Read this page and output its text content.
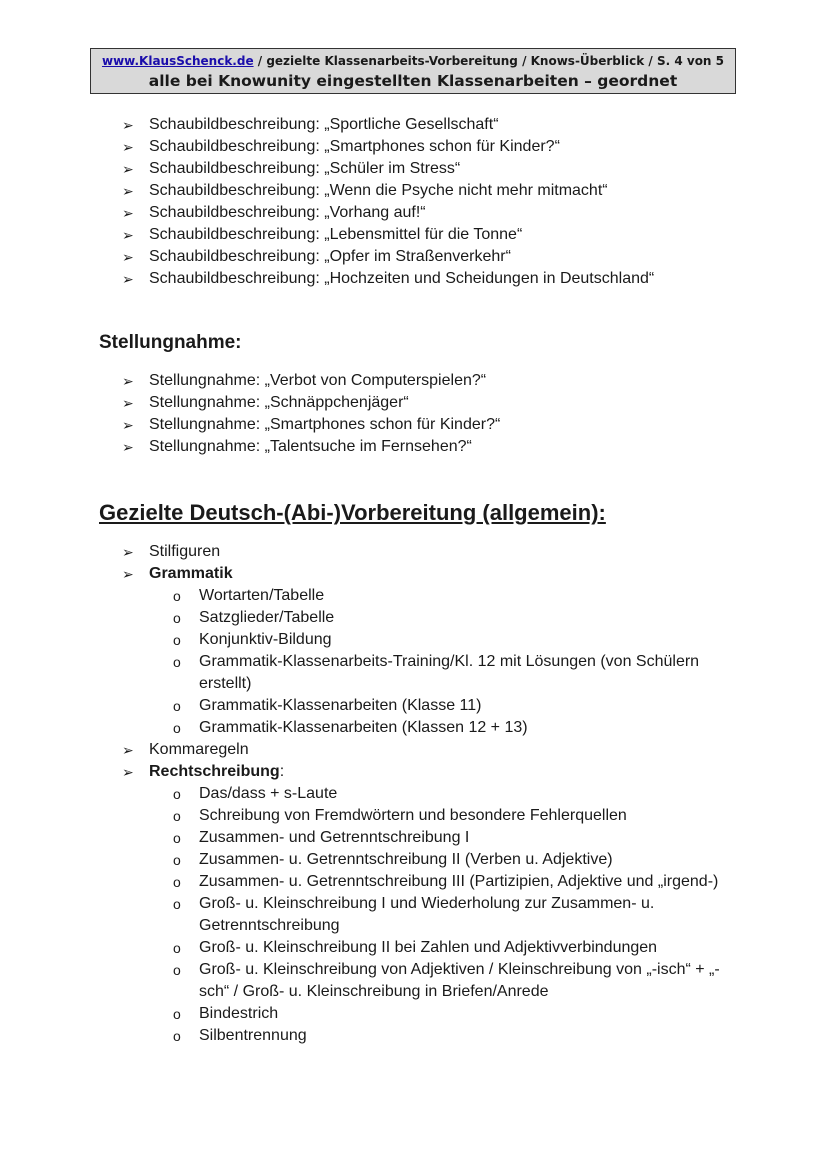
www.KlausSchenck.de / gezielte Klassenarbeits-Vorbereitung / Knows-Überblick / S. 4 von 5
alle bei Knowunity eingestellten Klassenarbeiten – geordnet
➢ Schaubildbeschreibung: „Sportliche Gesellschaft“
➢ Schaubildbeschreibung: „Smartphones schon für Kinder?“
➢ Schaubildbeschreibung: „Schüler im Stress“
➢ Schaubildbeschreibung: „Wenn die Psyche nicht mehr mitmacht“
➢ Schaubildbeschreibung: „Vorhang auf!“
➢ Schaubildbeschreibung: „Lebensmittel für die Tonne“
➢ Schaubildbeschreibung: „Opfer im Straßenverkehr“
➢ Schaubildbeschreibung: „Hochzeiten und Scheidungen in Deutschland“
Stellungnahme:
➢ Stellungnahme: „Verbot von Computerspielen?“
➢ Stellungnahme: „Schnäppchenjäger“
➢ Stellungnahme: „Smartphones schon für Kinder?“
➢ Stellungnahme: „Talentsuche im Fernsehen?“
Gezielte Deutsch-(Abi-)Vorbereitung (allgemein):
➢ Stilfiguren
➢ Grammatik
o Wortarten/Tabelle
o Satzglieder/Tabelle
o Konjunktiv-Bildung
o Grammatik-Klassenarbeits-Training/Kl. 12 mit Lösungen (von Schülern erstellt)
o Grammatik-Klassenarbeiten (Klasse 11)
o Grammatik-Klassenarbeiten (Klassen 12 + 13)
➢ Kommaregeln
➢ Rechtschreibung:
o Das/dass + s-Laute
o Schreibung von Fremdwörtern und besondere Fehlerquellen
o Zusammen- und Getrenntschreibung I
o Zusammen- u. Getrenntschreibung II (Verben u. Adjektive)
o Zusammen- u. Getrenntschreibung III (Partizipien, Adjektive und „irgend-)
o Groß- u. Kleinschreibung I und Wiederholung zur Zusammen- u. Getrenntschreibung
o Groß- u. Kleinschreibung II bei Zahlen und Adjektivverbindungen
o Groß- u. Kleinschreibung von Adjektiven / Kleinschreibung von „-isch“ + „-sch“ / Groß- u. Kleinschreibung in Briefen/Anrede
o Bindestrich
o Silbentrennung
